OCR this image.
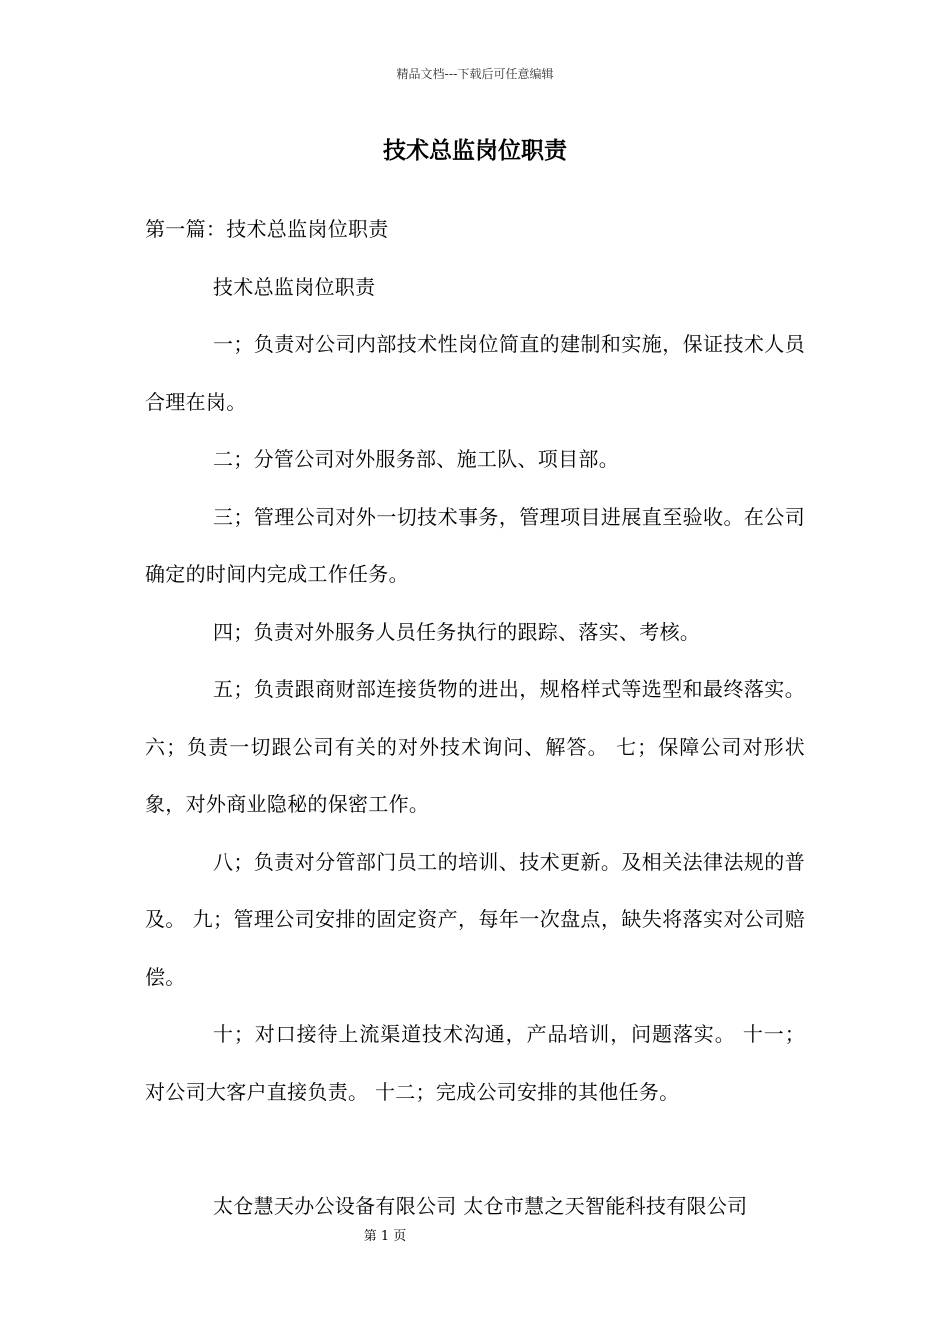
精品文档---下载后可任意编辑
技术总监岗位职责

第一篇：技术总监岗位职责

技术总监岗位职责

一；负责对公司内部技术性岗位简直的建制和实施，保证技术人员合理在岗。

二；分管公司对外服务部、施工队、项目部。

三；管理公司对外一切技术事务，管理项目进展直至验收。在公司确定的时间内完成工作任务。

四；负责对外服务人员任务执行的跟踪、落实、考核。

五；负责跟商财部连接货物的进出，规格样式等选型和最终落实。 六；负责一切跟公司有关的对外技术询问、解答。 七；保障公司对形状象，对外商业隐秘的保密工作。

八；负责对分管部门员工的培训、技术更新。及相关法律法规的普及。 九；管理公司安排的固定资产，每年一次盘点，缺失将落实对公司赔偿。

十；对口接待上流渠道技术沟通，产品培训，问题落实。 十一；对公司大客户直接负责。 十二；完成公司安排的其他任务。

太仓慧天办公设备有限公司 太仓市慧之天智能科技有限公司

第 1 页
